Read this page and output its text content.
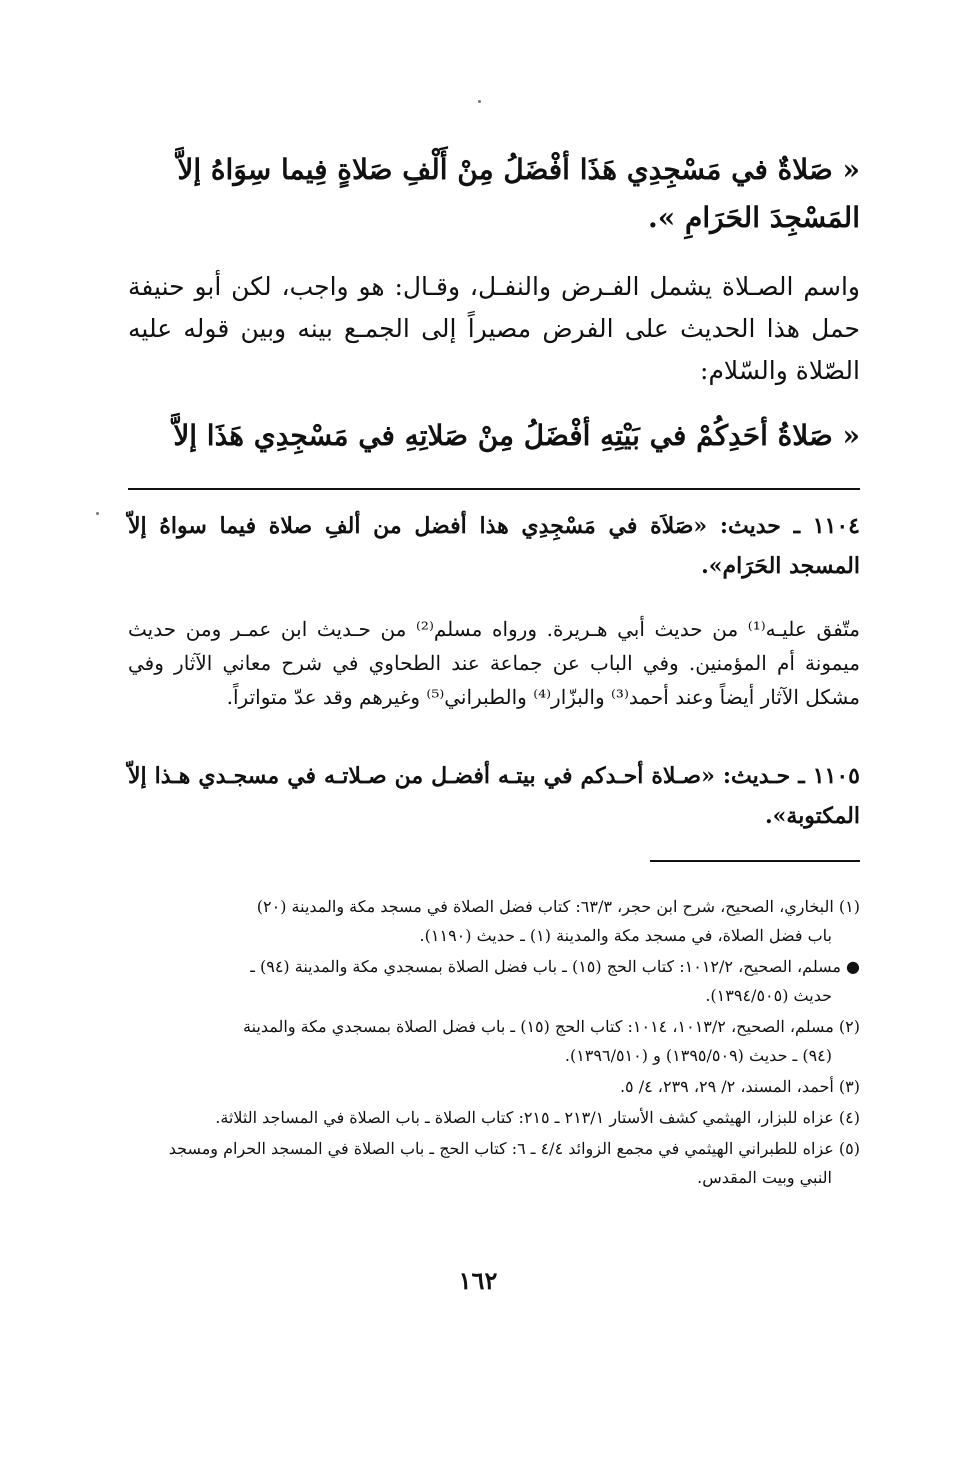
« صَلاةٌ في مَسْجِدِي هَذَا أفْضَلُ مِنْ أَلْفِ صَلاةٍ فِيما سِوَاهُ إلاَّ المَسْجِدَ الحَرَامِ ».
واسم الصـلاة يشمل الفـرض والنفـل، وقـال: هو واجب، لكن أبو حنيفة حمل هذا الحديث على الفرض مصيراً إلى الجمـع بينه وبين قوله عليه الصّلاة والسّلام:
« صَلاةُ أحَدِكُمْ في بَيْتِهِ أفْضَلُ مِنْ صَلاتِهِ في مَسْجِدِي هَذَا إلاَّ
١١٠٤ ـ حديث: «صَلاَة في مَسْجِدِي هذا أفضل من ألفِ صلاة فيما سواهُ إلاّ المسجد الحَرَام».
متّفق عليـه⁽¹⁾ من حديث أبي هـريرة. ورواه مسلم⁽²⁾ من حـديث ابن عمـر ومن حديث ميمونة أم المؤمنين. وفي الباب عن جماعة عند الطحاوي في شرح معاني الآثار وفي مشكل الآثار أيضاً وعند أحمد⁽³⁾ والبزّار⁽⁴⁾ والطبراني⁽⁵⁾ وغيرهم وقد عدّ متواتراً.
١١٠٥ ـ حـديث: «صـلاة أحـدكم في بيتـه أفضـل من صـلاتـه في مسجـدي هـذا إلاّ المكتوبة».
(١) البخاري، الصحيح، شرح ابن حجر، ٦٣/٣: كتاب فضل الصلاة في مسجد مكة والمدينة (٢٠)
باب فضل الصلاة، في مسجد مكة والمدينة (١) ـ حديث (١١٩٠).
● مسلم، الصحيح، ١٠١٢/٢: كتاب الحج (١٥) ـ باب فضل الصلاة بمسجدي مكة والمدينة (٩٤) ـ
حديث (١٣٩٤/٥٠٥).
(٢) مسلم، الصحيح، ١٠١٣/٢، ١٠١٤: كتاب الحج (١٥) ـ باب فضل الصلاة بمسجدي مكة والمدينة
(٩٤) ـ حديث (١٣٩٥/٥٠٩) و (١٣٩٦/٥١٠).
(٣) أحمد، المسند، ٢/ ٢٩، ٢٣٩، ٤/ ٥.
(٤) عزاه للبزار، الهيثمي كشف الأستار ٢١٣/١ ـ ٢١٥: كتاب الصلاة ـ باب الصلاة في المساجد الثلاثة.
(٥) عزاه للطبراني الهيثمي في مجمع الزوائد ٤/٤ ـ ٦: كتاب الحج ـ باب الصلاة في المسجد الحرام ومسجد
النبي وبيت المقدس.
١٦٢
